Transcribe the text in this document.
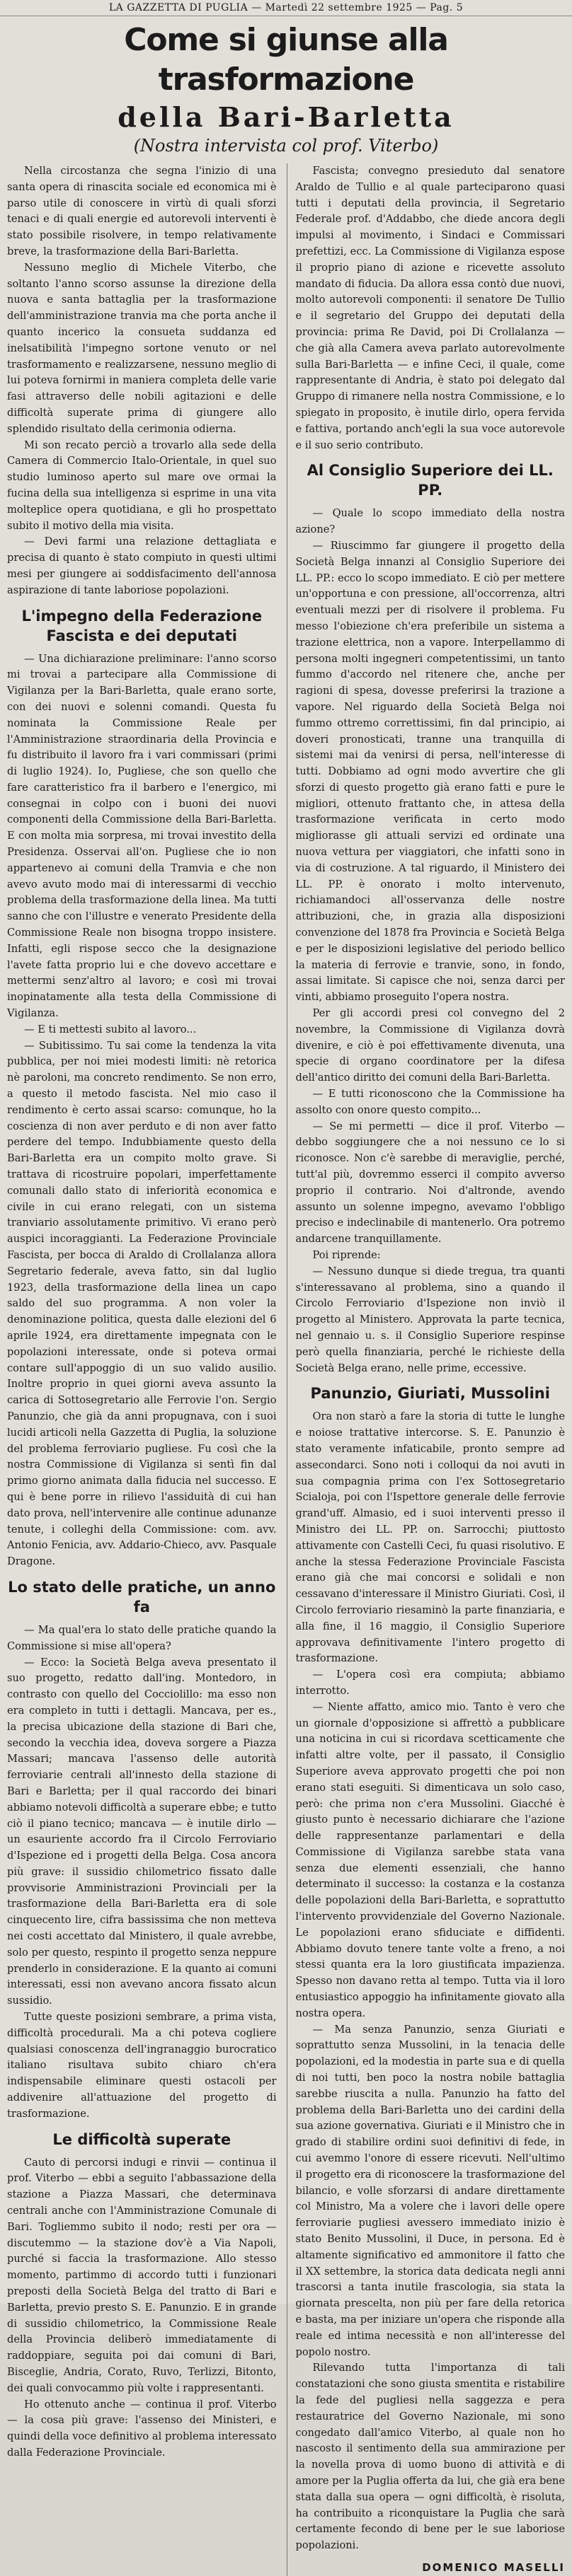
LA GAZZETTA DI PUGLIA — Martedì 22 settembre 1925 — Pag. 5
Come si giunse alla trasformazione
della Bari-Barletta
(Nostra intervista col prof. Viterbo)

Nella circostanza che segna l'inizio di una santa opera di rinascita sociale ed economica mi è parso utile di conoscere in virtù di quali sforzi tenaci e di quali energie ed autorevoli interventi è stato possibile risolvere, in tempo relativamente breve, la trasformazione della Bari-Barletta.

Nessuno meglio di Michele Viterbo, che soltanto l'anno scorso assunse la direzione della nuova e santa battaglia per la trasformazione dell'amministrazione tranvia ma che porta anche il quanto incerico la consueta suddanza ed inelsatibilità l'impegno sortone venuto or nel trasformamento e realizzarsene, nessuno meglio di lui poteva fornirmi in maniera completa delle varie fasi attraverso delle nobili agitazioni e delle difficoltà superate prima di giungere allo splendido risultato della cerimonia odierna.

Mi son recato perciò a trovarlo alla sede della Camera di Commercio Italo-Orientale, in quel suo studio luminoso aperto sul mare ove ormai la fucina della sua intelligenza si esprime in una vita molteplice opera quotidiana, e gli ho prospettato subito il motivo della mia visita.

— Devi farmi una relazione dettagliata e precisa di quanto è stato compiuto in questi ultimi mesi per giungere ai soddisfacimento dell'annosa aspirazione di tante laboriose popolazioni.

L'impegno della Federazione Fascista e dei deputati

— Una dichiarazione preliminare: l'anno scorso mi trovai a partecipare alla Commissione di Vigilanza per la Bari-Barletta, quale erano sorte, con dei nuovi e solenni comandi. Questa fu nominata la Commissione Reale per l'Amministrazione straordinaria della Provincia e fu distribuito il lavoro fra i vari commissari (primi di luglio 1924). Io, Pugliese, che son quello che fare caratteristico fra il barbero e l'energico, mi consegnai in colpo con i buoni dei nuovi componenti della Commissione della Bari-Barletta. E con molta mia sorpresa, mi trovai investito della Presidenza. Osservai all'on. Pugliese che io non appartenevo ai comuni della Tramvia e che non avevo avuto modo mai di interessarmi di vecchio problema della trasformazione della linea. Ma tutti sanno che con l'illustre e venerato Presidente della Commissione Reale non bisogna troppo insistere. Infatti, egli rispose secco che la designazione l'avete fatta proprio lui e che dovevo accettare e mettermi senz'altro al lavoro; e così mi trovai inopinatamente alla testa della Commissione di Vigilanza.

— E ti mettesti subito al lavoro...

— Subitissimo. Tu sai come la tendenza la vita pubblica, per noi miei modesti limiti: nè retorica nè paroloni, ma concreto rendimento. Se non erro, a questo il metodo fascista. Nel mio caso il rendimento è certo assai scarso: comunque, ho la coscienza di non aver perduto e di non aver fatto perdere del tempo. Indubbiamente questo della Bari-Barletta era un compito molto grave. Si trattava di ricostruire popolari, imperfettamente comunali dallo stato di inferiorità economica e civile in cui erano relegati, con un sistema tranviario assolutamente primitivo. Vi erano però auspici incoraggianti. La Federazione Provinciale Fascista, per bocca di Araldo di Crollalanza allora Segretario federale, aveva fatto, sin dal luglio 1923, della trasformazione della linea un capo saldo del suo programma. A non voler la denominazione politica, questa dalle elezioni del 6 aprile 1924, era direttamente impegnata con le popolazioni interessate, onde si poteva ormai contare sull'appoggio di un suo valido ausilio. Inoltre proprio in quei giorni aveva assunto la carica di Sottosegretario alle Ferrovie l'on. Sergio Panunzio, che già da anni propugnava, con i suoi lucidi articoli nella Gazzetta di Puglia, la soluzione del problema ferroviario pugliese. Fu così che la nostra Commissione di Vigilanza si sentì fin dal primo giorno animata dalla fiducia nel successo. E qui è bene porre in rilievo l'assiduità di cui han dato prova, nell'intervenire alle continue adunanze tenute, i colleghi della Commissione: com. avv. Antonio Fenicia, avv. Addario-Chieco, avv. Pasquale Dragone.

Lo stato delle pratiche, un anno fa

— Ma qual'era lo stato delle pratiche quando la Commissione si mise all'opera?

— Ecco: la Società Belga aveva presentato il suo progetto, redatto dall'ing. Montedoro, in contrasto con quello del Cocciolillo: ma esso non era completo in tutti i dettagli. Mancava, per es., la precisa ubicazione della stazione di Bari che, secondo la vecchia idea, doveva sorgere a Piazza Massari; mancava l'assenso delle autorità ferroviarie centrali all'innesto della stazione di Bari e Barletta; per il qual raccordo dei binari abbiamo notevoli difficoltà a superare ebbe; e tutto ciò il piano tecnico; mancava — è inutile dirlo — un esauriente accordo fra il Circolo Ferroviario d'Ispezione ed i progetti della Belga. Cosa ancora più grave: il sussidio chilometrico fissato dalle provvisorie Amministrazioni Provinciali per la trasformazione della Bari-Barletta era di sole cinquecento lire, cifra bassissima che non metteva nei costi accettato dal Ministero, il quale avrebbe, solo per questo, respinto il progetto senza neppure prenderlo in considerazione. E la quanto ai comuni interessati, essi non avevano ancora fissato alcun sussidio.

Tutte queste posizioni sembrare, a prima vista, difficoltà procedurali. Ma a chi poteva cogliere qualsiasi conoscenza dell'ingranaggio burocratico italiano risultava subito chiaro ch'era indispensabile eliminare questi ostacoli per addivenire all'attuazione del progetto di trasformazione.

Le difficoltà superate

Cauto di percorsi indugi e rinvii — continua il prof. Viterbo — ebbi a seguito l'abbassazione della stazione a Piazza Massari, che determinava centrali anche con l'Amministrazione Comunale di Bari. Togliemmo subito il nodo; resti per ora — discutemmo — la stazione dov'è a Via Napoli, purché si faccia la trasformazione. Allo stesso momento, partimmo di accordo tutti i funzionari preposti della Società Belga del tratto di Bari e Barletta, previo presto S. E. Panunzio. E in grande di sussidio chilometrico, la Commissione Reale della Provincia deliberò immediatamente di raddoppiare, seguita poi dai comuni di Bari, Bisceglie, Andria, Corato, Ruvo, Terlizzi, Bitonto, dei quali convocammo più volte i rappresentanti.

Ho ottenuto anche — continua il prof. Viterbo — la cosa più grave: l'assenso dei Ministeri, e quindi della voce definitivo al problema interessato dalla Federazione Provinciale.

Fascista; convegno presieduto dal senatore Araldo de Tullio e al quale parteciparono quasi tutti i deputati della provincia, il Segretario Federale prof. d'Addabbo, che diede ancora degli impulsi al movimento, i Sindaci e Commissari prefettizi, ecc. La Commissione di Vigilanza espose il proprio piano di azione e ricevette assoluto mandato di fiducia. Da allora essa contò due nuovi, molto autorevoli componenti: il senatore De Tullio e il segretario del Gruppo dei deputati della provincia: prima Re David, poi Di Crollalanza — che già alla Camera aveva parlato autorevolmente sulla Bari-Barletta — e infine Ceci, il quale, come rappresentante di Andria, è stato poi delegato dal Gruppo di rimanere nella nostra Commissione, e lo spiegato in proposito, è inutile dirlo, opera fervida e fattiva, portando anch'egli la sua voce autorevole e il suo serio contributo.

Al Consiglio Superiore dei LL. PP.

— Quale lo scopo immediato della nostra azione?

— Riuscimmo far giungere il progetto della Società Belga innanzi al Consiglio Superiore dei LL. PP.: ecco lo scopo immediato. E ciò per mettere un'opportuna e con pressione, all'occorrenza, altri eventuali mezzi per di risolvere il problema. Fu messo l'obiezione ch'era preferibile un sistema a trazione elettrica, non a vapore. Interpellammo di persona molti ingegneri competentissimi, un tanto fummo d'accordo nel ritenere che, anche per ragioni di spesa, dovesse preferirsi la trazione a vapore. Nel riguardo della Società Belga noi fummo ottremo correttissimi, fin dal principio, ai doveri pronosticati, tranne una tranquilla di sistemi mai da venirsi di persa, nell'interesse di tutti. Dobbiamo ad ogni modo avvertire che gli sforzi di questo progetto già erano fatti e pure le migliori, ottenuto frattanto che, in attesa della trasformazione verificata in certo modo migliorasse gli attuali servizi ed ordinate una nuova vettura per viaggiatori, che infatti sono in via di costruzione. A tal riguardo, il Ministero dei LL. PP. è onorato i molto intervenuto, richiamandoci all'osservanza delle nostre attribuzioni, che, in grazia alla disposizioni convenzione del 1878 fra Provincia e Società Belga e per le disposizioni legislative del periodo bellico la materia di ferrovie e tranvie, sono, in fondo, assai limitate. Si capisce che noi, senza darci per vinti, abbiamo proseguito l'opera nostra.

Per gli accordi presi col convegno del 2 novembre, la Commissione di Vigilanza dovrà divenire, e ciò è poi effettivamente divenuta, una specie di organo coordinatore per la difesa dell'antico diritto dei comuni della Bari-Barletta.

— E tutti riconoscono che la Commissione ha assolto con onore questo compito...

— Se mi permetti — dice il prof. Viterbo — debbo soggiungere che a noi nessuno ce lo si riconosce. Non c'è sarebbe di meraviglie, perché, tutt'al più, dovremmo esserci il compito avverso proprio il contrario. Noi d'altronde, avendo assunto un solenne impegno, avevamo l'obbligo preciso e indeclinabile di mantenerlo. Ora potremo andarcene tranquillamente.

Poi riprende:

— Nessuno dunque si diede tregua, tra quanti s'interessavano al problema, sino a quando il Circolo Ferroviario d'Ispezione non inviò il progetto al Ministero. Approvata la parte tecnica, nel gennaio u. s. il Consiglio Superiore respinse però quella finanziaria, perché le richieste della Società Belga erano, nelle prime, eccessive.

Panunzio, Giuriati, Mussolini

Ora non starò a fare la storia di tutte le lunghe e noiose trattative intercorse. S. E. Panunzio è stato veramente infaticabile, pronto sempre ad assecondarci. Sono noti i colloqui da noi avuti in sua compagnia prima con l'ex Sottosegretario Scialoja, poi con l'Ispettore generale delle ferrovie grand'uff. Almasio, ed i suoi interventi presso il Ministro dei LL. PP. on. Sarrocchi; piuttosto attivamente con Castelli Ceci, fu quasi risolutivo. E anche la stessa Federazione Provinciale Fascista erano già che mai concorsi e solidali e non cessavano d'interessare il Ministro Giuriati. Così, il Circolo ferroviario riesaminò la parte finanziaria, e alla fine, il 16 maggio, il Consiglio Superiore approvava definitivamente l'intero progetto di trasformazione.

— L'opera così era compiuta; abbiamo interrotto.

— Niente affatto, amico mio. Tanto è vero che un giornale d'opposizione si affrettò a pubblicare una noticina in cui si ricordava scetticamente che infatti altre volte, per il passato, il Consiglio Superiore aveva approvato progetti che poi non erano stati eseguiti. Si dimenticava un solo caso, però: che prima non c'era Mussolini. Giacché è giusto punto è necessario dichiarare che l'azione delle rappresentanze parlamentari e della Commissione di Vigilanza sarebbe stata vana senza due elementi essenziali, che hanno determinato il successo: la costanza e la costanza delle popolazioni della Bari-Barletta, e soprattutto l'intervento provvidenziale del Governo Nazionale. Le popolazioni erano sfiduciate e diffidenti. Abbiamo dovuto tenere tante volte a freno, a noi stessi quanta era la loro giustificata impazienza. Spesso non davano retta al tempo. Tutta via il loro entusiastico appoggio ha infinitamente giovato alla nostra opera.

— Ma senza Panunzio, senza Giuriati e soprattutto senza Mussolini, in la tenacia delle popolazioni, ed la modestia in parte sua e di quella di noi tutti, ben poco la nostra nobile battaglia sarebbe riuscita a nulla. Panunzio ha fatto del problema della Bari-Barletta uno dei cardini della sua azione governativa. Giuriati e il Ministro che in grado di stabilire ordini suoi definitivi di fede, in cui avemmo l'onore di essere ricevuti. Nell'ultimo il progetto era di riconoscere la trasformazione del bilancio, e volle sforzarsi di andare direttamente col Ministro, Ma a volere che i lavori delle opere ferroviarie pugliesi avessero immediato inizio è stato Benito Mussolini, il Duce, in persona. Ed è altamente significativo ed ammonitore il fatto che il XX settembre, la storica data dedicata negli anni trascorsi a tanta inutile frascologia, sia stata la giornata prescelta, non più per fare della retorica e basta, ma per iniziare un'opera che risponde alla reale ed intima necessità e non all'interesse del popolo nostro.

Rilevando tutta l'importanza di tali constatazioni che sono giusta smentita e ristabilire la fede del pugliesi nella saggezza e pera restauratrice del Governo Nazionale, mi sono congedato dall'amico Viterbo, al quale non ho nascosto il sentimento della sua ammirazione per la novella prova di uomo buono di attività e di amore per la Puglia offerta da lui, che già era bene stata dalla sua opera — ogni difficoltà, è risoluta, ha contribuito a riconquistare la Puglia che sarà certamente fecondo di bene per le sue laboriose popolazioni.

DOMENICO MASELLI
